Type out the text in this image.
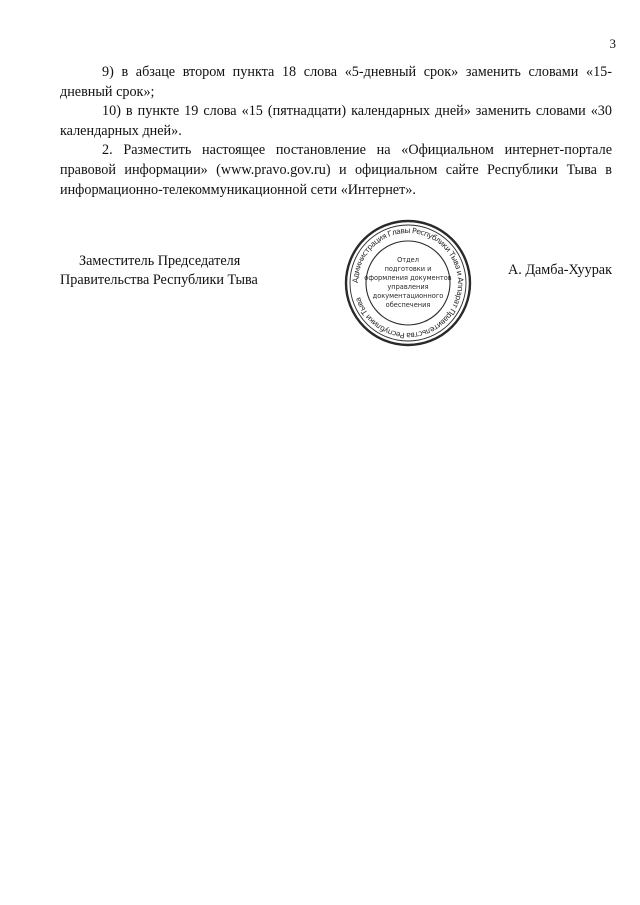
3

9) в абзаце втором пункта 18 слова «5-дневный срок» заменить словами «15-дневный срок»;

10) в пункте 19 слова «15 (пятнадцати) календарных дней» заменить словами «30 календарных дней».

2. Разместить настоящее постановление на «Официальном интернет-портале правовой информации» (www.pravo.gov.ru) и официальном сайте Республики Тыва в информационно-телекоммуникационной сети «Интернет».

Заместитель Председателя
Правительства Республики Тыва	Администрация Главы Республики Тыва и Аппарат Правительства Республики Тыва
Отдел
подготовки и
оформления документов
управления
документационного
обеспечения
А. Дамба-Хуурак
